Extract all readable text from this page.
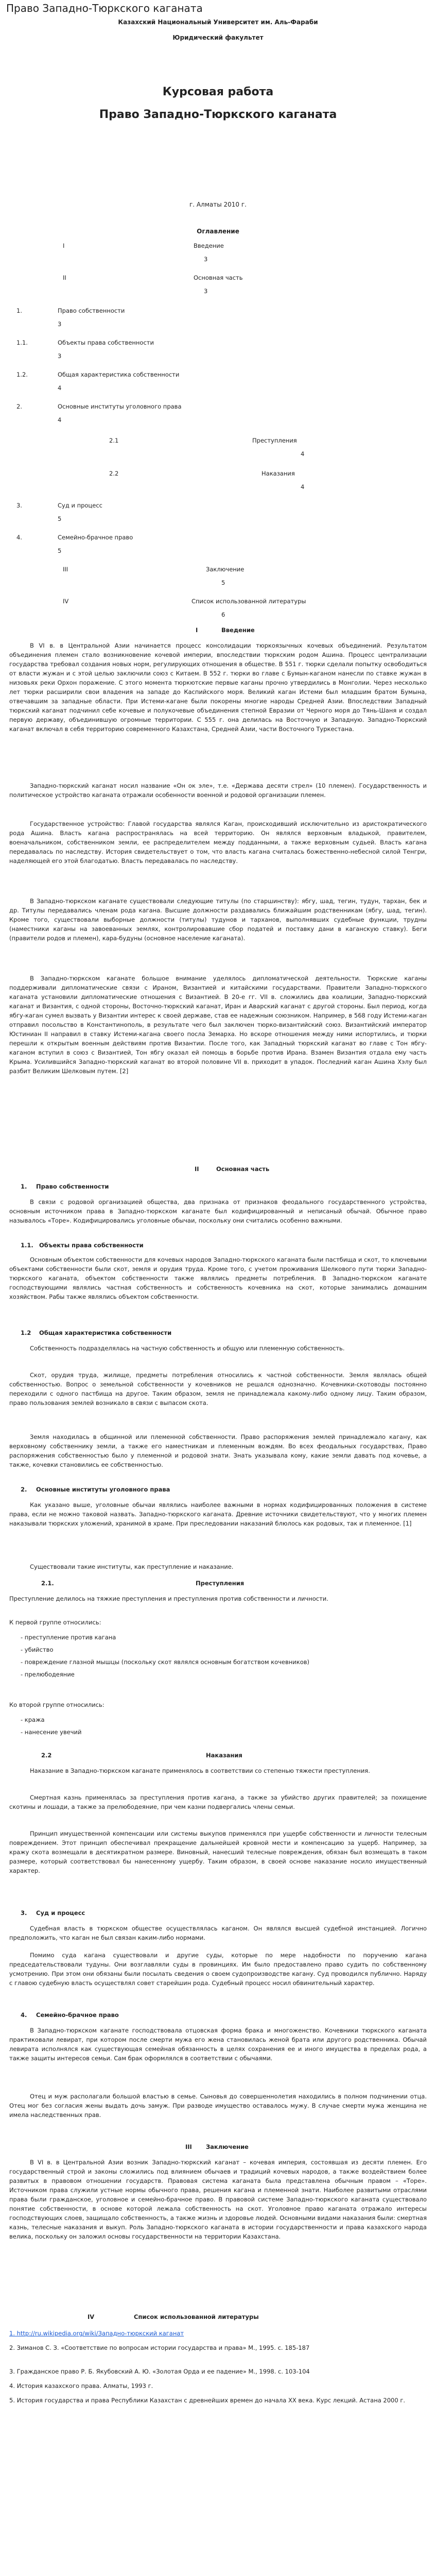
Право Западно-Тюркского каганата
Казахский Национальный Университет им. Аль-Фараби
Юридический факультет
Курсовая работа
Право Западно-Тюркского каганата
г. Алматы 2010 г.
Оглавление
I	Введение
3
II	Основная часть
3
1.	Право собственности
3
1.1.	Объекты права собственности
3
1.2.	Общая характеристика собственности
4
2.	Основные институты уголовного права
4
2.1	Преступления
4
2.2	Наказания
4
3.	Суд и процесс
5
4.	Семейно-брачное право
5
III	Заключение
5
IV	Список использованной литературы
6
I	Введение
В VI в. в Центральной Азии начинается процесс консолидации тюркоязычных кочевых объединений. Результатом объединения племен стало возникновение кочевой империи, впоследствии тюркским родом Ашина. Процесс централизации государства требовал создания новых норм, регулирующих отношения в обществе. В 551 г. тюрки сделали попытку освободиться от власти жужан и с этой целью заключили союз с Китаем. В 552 г. тюрки во главе с Бумын-каганом нанесли по ставке жужан в низовьях реки Орхон поражение. С этого момента тюркютские первые каганы прочно утвердились в Монголии. Через несколько лет тюрки расширили свои владения на западе до Каспийского моря. Великий каган Истеми был младшим братом Бумына, отвечавшим за западные области. При Истеми-кагане были покорены многие народы Средней Азии. Впоследствии Западный тюркский каганат подчинил себе кочевые и полукочевые объединения степной Евразии от Черного моря до Тянь-Шаня и создал первую державу, объединившую огромные территории. С 555 г. она делилась на Восточную и Западную. Западно-Тюркский каганат включал в себя территорию современного Казахстана, Средней Азии, части Восточного Туркестана.
Западно-тюркский каганат носил название «Он ок эле», т.е. «Держава десяти стрел» (10 племен). Государственность и политическое устройство каганата отражали особенности военной и родовой организации племен.
Государственное устройство: Главой государства являлся Каган, происходивший исключительно из аристократического рода Ашина. Власть кагана распространялась на всей территорию. Он являлся верховным владыкой, правителем, военачальником, собственником земли, ее распределителем между подданными, а также верховным судьей. Власть кагана передавалась по наследству. История свидетельствует о том, что власть кагана считалась божественно-небесной силой Тенгри, наделяющей его этой благодатью. Власть передавалась по наследству.
В Западно-тюркском каганате существовали следующие титулы (по старшинству): ябгу, шад, тегин, тудун, тархан, бек и др. Титулы передавались членам рода кагана. Высшие должности раздавались ближайшим родственникам (ябгу, шад, тегин). Кроме того, существовали выборные должности (титулы) тудунов и тарханов, выполнявших судебные функции, трудны (наместники каганы на завоеванных землях, контролировавшие сбор податей и поставку дани в каганскую ставку). Беги (правители родов и племен), кара-будуны (основное население каганата).
В Западно-тюркском каганате большое внимание уделялось дипломатической деятельности. Тюркские каганы поддерживали дипломатические связи с Ираном, Византией и китайскими государствами. Правители Западно-тюркского каганата установили дипломатические отношения с Византией. В 20-е гг. VII в. сложились два коалиции, Западно-тюркский каганат и Византия, с одной стороны, Восточно-тюркский каганат, Иран и Аварский каганат с другой стороны. Был период, когда ябгу-каган сумел вызвать у Византии интерес к своей державе, став ее надежным союзником. Например, в 568 году Истеми-каган отправил посольство в Константинополь, в результате чего был заключен тюрко-византийский союз. Византийский император Юстиниан II направил в ставку Истеми-кагана своего посла Земарха. Но вскоре отношения между ними испортились, и тюрки перешли к открытым военным действиям против Византии. После того, как Западный тюркский каганат во главе с Тон ябгу-каганом вступил в союз с Византией, Тон ябгу оказал ей помощь в борьбе против Ирана. Взамен Византия отдала ему часть Крыма. Усилившийся Западно-тюркский каганат во второй половине VII в. приходит в упадок. Последний каган Ашина Хэлу был разбит Великим Шелковым путем. [2]
II	Основная часть
1. Право собственности
В связи с родовой организацией общества, два признака от признаков феодального государственного устройства, основным источником права в Западно-тюркском каганате был кодифицированный и неписаный обычай. Обычное право называлось «Торе». Кодифицировались уголовные обычаи, поскольку они считались особенно важными.
1.1. Объекты права собственности
Основным объектом собственности для кочевых народов Западно-тюркского каганата были пастбища и скот, то ключевыми объектами собственности были скот, земля и орудия труда. Кроме того, с учетом проживания Шелкового пути тюрки Западно-тюркского каганата, объектом собственности также являлись предметы потребления. В Западно-тюркском каганате господствующими являлись частная собственность и собственность кочевника на скот, которые занимались домашним хозяйством. Рабы также являлись объектом собственности.
1.2 Общая характеристика собственности
Собственность подразделялась на частную собственность и общую или племенную собственность.
Скот, орудия труда, жилище, предметы потребления относились к частной собственности. Земля являлась общей собственностью. Вопрос о земельной собственности у кочевников не решался однозначно. Кочевники-скотоводы постоянно переходили с одного пастбища на другое. Таким образом, земля не принадлежала какому-либо одному лицу. Таким образом, право пользования землей возникало в связи с выпасом скота.
Земля находилась в общинной или племенной собственности. Право распоряжения землей принадлежало кагану, как верховному собственнику земли, а также его наместникам и племенным вождям. Во всех феодальных государствах, Право распоряжения собственностью было у племенной и родовой знати. Знать указывала кому, какие земли давать под кочевье, а также, кочевки становились ее собственностью.
2. Основные институты уголовного права
Как указано выше, уголовные обычаи являлись наиболее важными в нормах кодифицированных положения в системе права, если не можно таковой назвать. Западно-тюркского каганата. Древние источники свидетельствуют, что у многих племен наказывали тюркских уложений, хранимой в храме. При преследовании наказаний блюлось как родовых, так и племенное. [1]
Существовали такие институты, как преступление и наказание.
2.1.	Преступления
Преступление делилось на тяжкие преступления и преступления против собственности и личности.
К первой группе относились:
- преступление против кагана
- убийство
- повреждение глазной мышцы (поскольку скот являлся основным богатством кочевников)
- прелюбодеяние
Ко второй группе относились:
- кража
- нанесение увечий
2.2	Наказания
Наказание в Западно-тюркском каганате применялось в соответствии со степенью тяжести преступления.
Смертная казнь применялась за преступления против кагана, а также за убийство других правителей; за похищение скотины и лошади, а также за прелюбодеяние, при чем казни подвергались члены семьи.
Принцип имущественной компенсации или системы выкупов применялся при ущербе собственности и личности телесным повреждением. Этот принцип обеспечивал прекращение дальнейшей кровной мести и компенсацию за ущерб. Например, за кражу скота возмещали в десятикратном размере. Виновный, нанесший телесные повреждения, обязан был возмещать в таком размере, который соответствовал бы нанесенному ущербу. Таким образом, в своей основе наказание носило имущественный характер.
3. Суд и процесс
Судебная власть в тюркском обществе осуществлялась каганом. Он являлся высшей судебной инстанцией. Логично предположить, что каган не был связан каким-либо нормами.
Помимо суда кагана существовали и другие суды, которые по мере надобности по поручению кагана председательствовали тудуны. Они возглавляли суды в провинциях. Им было предоставлено право судить по собственному усмотрению. При этом они обязаны были посылать сведения о своем судопроизводстве кагану. Суд проводился публично. Наряду с главою судебную власть осуществлял совет старейшин рода. Судебный процесс носил обвинительный характер.
4. Семейно-брачное право
В Западно-тюркском каганате господствовала отцовская форма брака и многоженство. Кочевники тюркского каганата практиковали левират, при котором после смерти мужа его жена становилась женой брата или другого родственника. Обычай левирата исполнялся как существующая семейная обязанность в целях сохранения ее и иного имущества в пределах рода, а также защиты интересов семьи. Сам брак оформлялся в соответствии с обычаями.
Отец и муж располагали большой властью в семье. Сыновья до совершеннолетия находились в полном подчинении отца. Отец мог без согласия жены выдать дочь замуж. При разводе имущество оставалось мужу. В случае смерти мужа женщина не имела наследственных прав.
III Заключение
В VI в. в Центральной Азии возник Западно-тюркский каганат – кочевая империя, состоявшая из десяти племен. Его государственный строй и законы сложились под влиянием обычаев и традиций кочевых народов, а также воздействием более развитых в правовом отношении государств. Правовая система каганата была представлена обычным правом – «Торе». Источником права служили устные нормы обычного права, решения кагана и племенной знати. Наиболее развитыми отраслями права были гражданское, уголовное и семейно-брачное право. В правовой системе Западно-тюркского каганата существовало понятие собственности, в основе которой лежала собственность на скот. Уголовное право каганата отражало интересы господствующих слоев, защищало собственность, а также жизнь и здоровье людей. Основными видами наказания были: смертная казнь, телесные наказания и выкуп. Роль Западно-тюркского каганата в истории государственности и права казахского народа велика, поскольку он заложил основы государственности на территории Казахстана.
IV	Список использованной литературы
1. http://ru.wikipedia.org/wiki/Западно-тюркский каганат
2. Зиманов С. З. «Соответствие по вопросам истории государства и права» М., 1995. с. 185-187
3. Гражданское право Р. Б. Якубовский А. Ю. «Золотая Орда и ее падение» М., 1998. с. 103-104
4. История казахского права. Алматы, 1993 г.
5. История государства и права Республики Казахстан с древнейших времен до начала XX века. Курс лекций. Астана 2000 г.
